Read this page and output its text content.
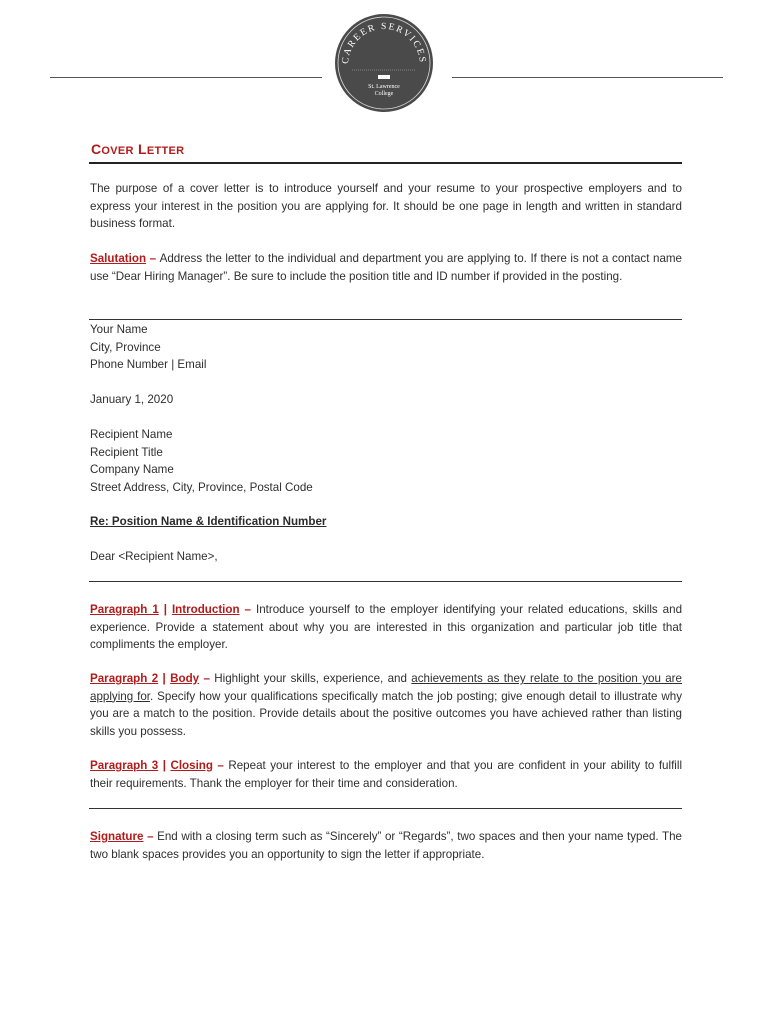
CAREER SERVICES
St. Lawrence
College
COVER LETTER
The purpose of a cover letter is to introduce yourself and your resume to your prospective employers and to express your interest in the position you are applying for. It should be one page in length and written in standard business format.
Salutation – Address the letter to the individual and department you are applying to. If there is not a contact name use “Dear Hiring Manager”. Be sure to include the position title and ID number if provided in the posting.
Your Name
City, Province
Phone Number | Email
January 1, 2020
Recipient Name
Recipient Title
Company Name
Street Address, City, Province, Postal Code
Re: Position Name & Identification Number
Dear <Recipient Name>,
Paragraph 1 | Introduction – Introduce yourself to the employer identifying your related educations, skills and experience. Provide a statement about why you are interested in this organization and particular job title that compliments the employer.
Paragraph 2 | Body – Highlight your skills, experience, and achievements as they relate to the position you are applying for. Specify how your qualifications specifically match the job posting; give enough detail to illustrate why you are a match to the position. Provide details about the positive outcomes you have achieved rather than listing skills you possess.
Paragraph 3 | Closing – Repeat your interest to the employer and that you are confident in your ability to fulfill their requirements. Thank the employer for their time and consideration.
Signature – End with a closing term such as “Sincerely” or “Regards”, two spaces and then your name typed. The two blank spaces provides you an opportunity to sign the letter if appropriate.
